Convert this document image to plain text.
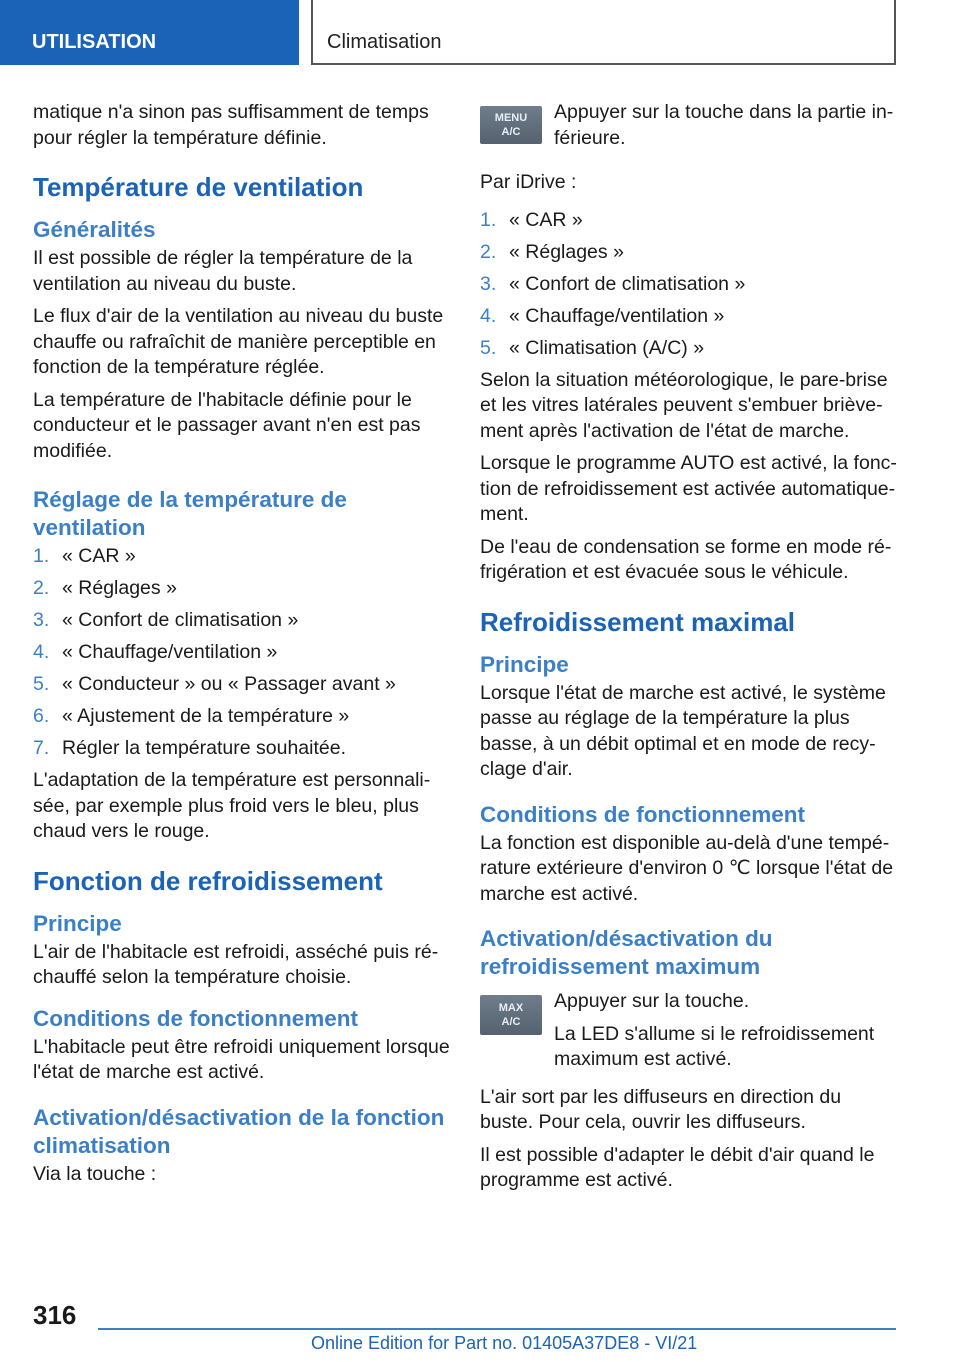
UTILISATION	Climatisation

matique n'a sinon pas suffisamment de temps pour régler la température définie.

Température de ventilation
Généralités

Il est possible de régler la température de la ventilation au niveau du buste.

Le flux d'air de la ventilation au niveau du buste chauffe ou rafraîchit de manière perceptible en fonction de la température réglée.

La température de l'habitacle définie pour le conducteur et le passager avant n'en est pas modifiée.

Réglage de la température de ventilation
1. « CAR »
2. « Réglages »
3. « Confort de climatisation »
4. « Chauffage/ventilation »
5. « Conducteur » ou « Passager avant »
6. « Ajustement de la température »
7. Régler la température souhaitée.

L'adaptation de la température est personnalisée, par exemple plus froid vers le bleu, plus chaud vers le rouge.

Fonction de refroidissement
Principe

L'air de l'habitacle est refroidi, asséché puis réchauffé selon la température choisie.

Conditions de fonctionnement

L'habitacle peut être refroidi uniquement lorsque l'état de marche est activé.

Activation/désactivation de la fonction climatisation

Via la touche :

MENU
A/C

Appuyer sur la touche dans la partie inférieure.

Par iDrive :

1. « CAR »
2. « Réglages »
3. « Confort de climatisation »
4. « Chauffage/ventilation »
5. « Climatisation (A/C) »

Selon la situation météorologique, le pare-brise et les vitres latérales peuvent s'embuer brièvement après l'activation de l'état de marche.

Lorsque le programme AUTO est activé, la fonction de refroidissement est activée automatiquement.

De l'eau de condensation se forme en mode réfrigération et est évacuée sous le véhicule.

Refroidissement maximal
Principe

Lorsque l'état de marche est activé, le système passe au réglage de la température la plus basse, à un débit optimal et en mode de recyclage d'air.

Conditions de fonctionnement

La fonction est disponible au-delà d'une température extérieure d'environ 0 ℃ lorsque l'état de marche est activé.

Activation/désactivation du refroidissement maximum
MAX
A/C

Appuyer sur la touche.

La LED s'allume si le refroidissement maximum est activé.

L'air sort par les diffuseurs en direction du buste. Pour cela, ouvrir les diffuseurs.

Il est possible d'adapter le débit d'air quand le programme est activé.

316
Online Edition for Part no. 01405A37DE8 - VI/21
